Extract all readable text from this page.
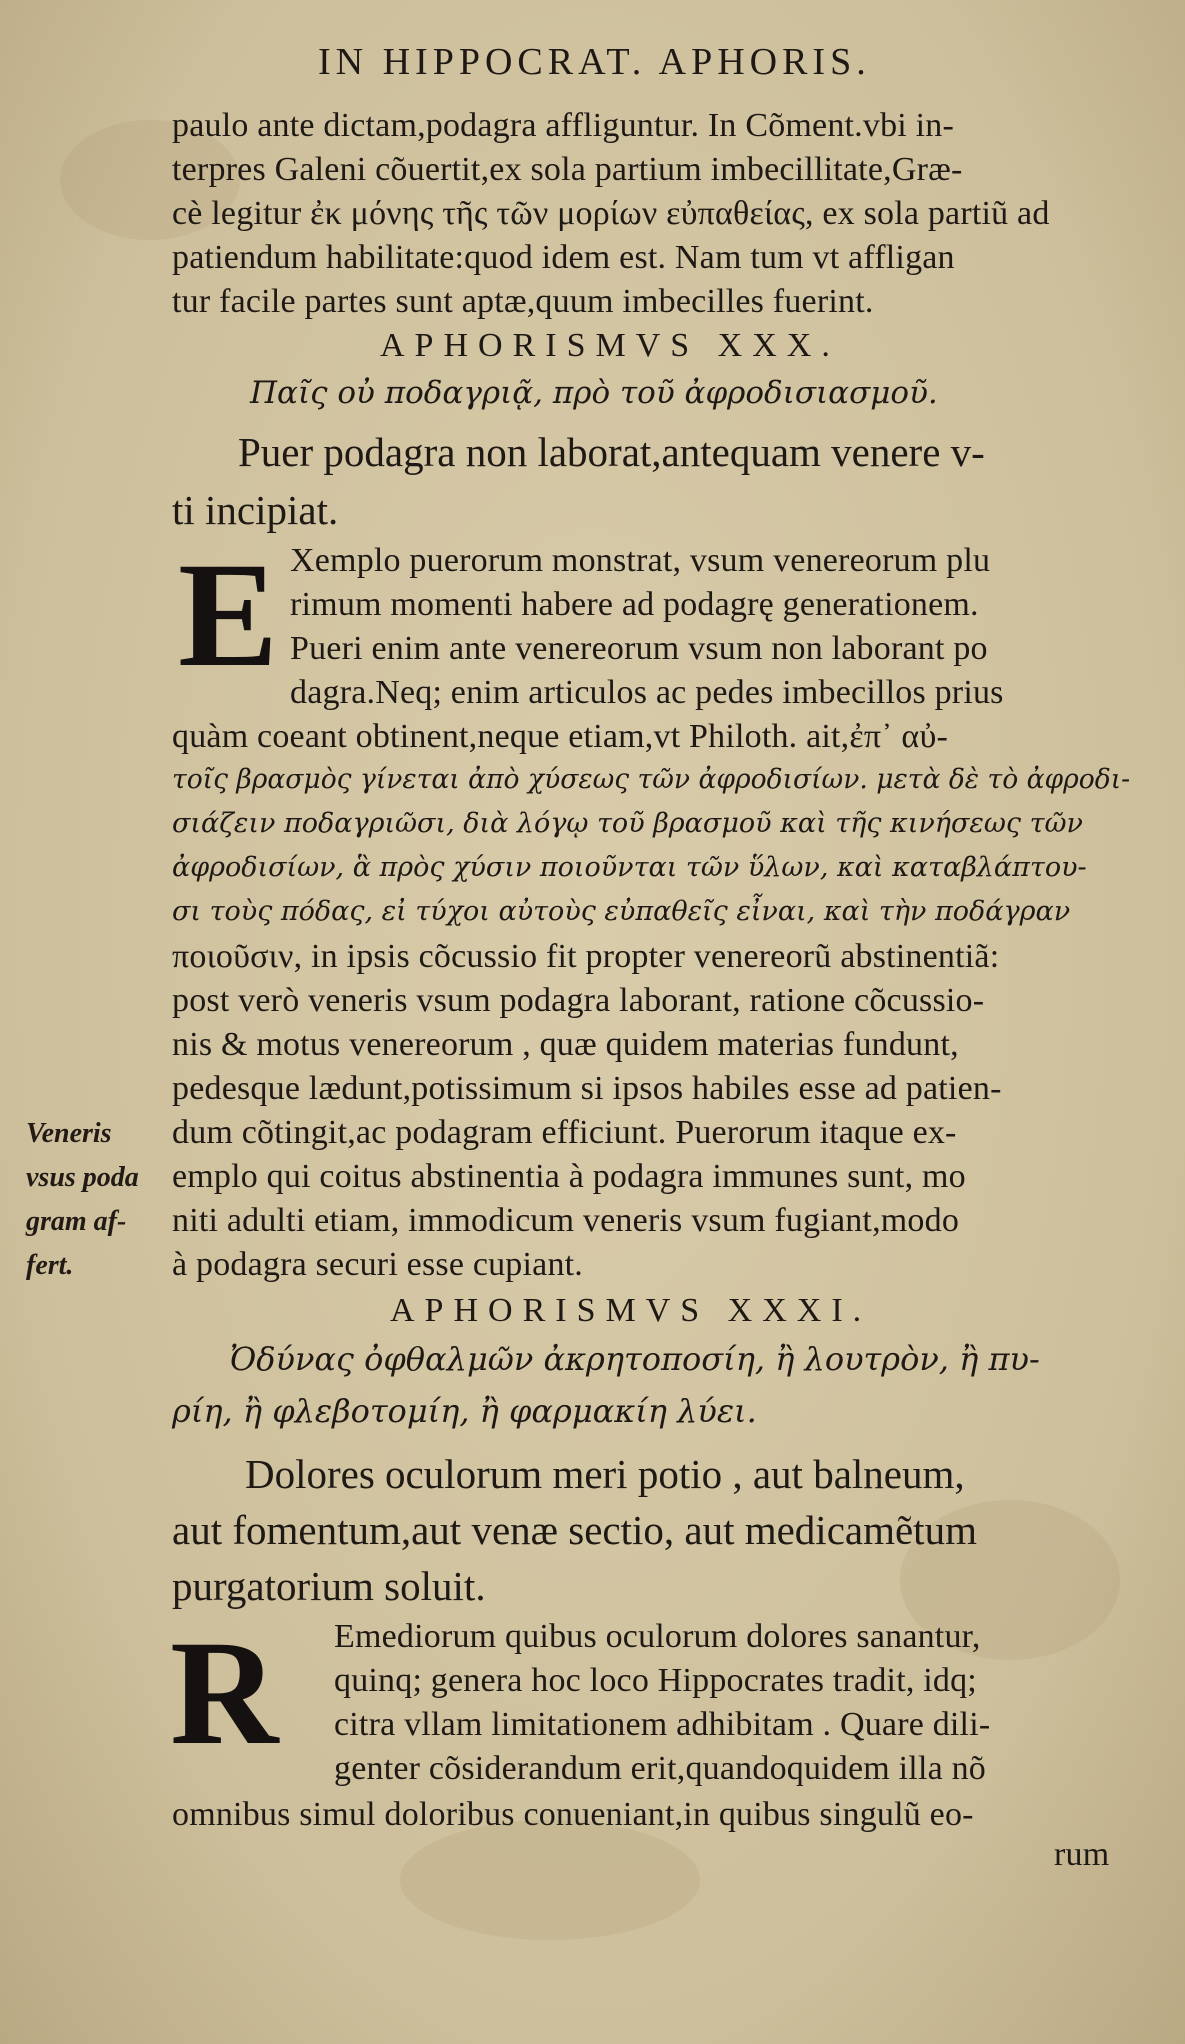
IN HIPPOCRAT. APHORIS.
paulo ante dictam,podagra affliguntur. In Cõment.vbi in-
terpres Galeni cõuertit,ex sola partium imbecillitate,Græ-
cè legitur ἐκ μόνης τῆς τῶν μορίων εὐπαθείας, ex sola partiũ ad
patiendum habilitate:quod idem est. Nam tum vt affligan
tur facile partes sunt aptæ,quum imbecilles fuerint.
APHORISMVS XXX.
Παῖς οὐ ποδαγριᾷ, πρὸ τοῦ ἀφροδισιασμοῦ.
Puer podagra non laborat,antequam venere v-
ti incipiat.
E Xemplo puerorum monstrat, vsum venereorum plu
rimum momenti habere ad podagrę generationem.
Pueri enim ante venereorum vsum non laborant po
dagra.Neq; enim articulos ac pedes imbecillos prius
quàm coeant obtinent,neque etiam,vt Philoth. ait,ἐπ᾽ αὐ-
τοῖς βρασμὸς γίνεται ἀπὸ χύσεως τῶν ἀφροδισίων. μετὰ δὲ τὸ ἀφροδι-
σιάζειν ποδαγριῶσι, διὰ λόγῳ τοῦ βρασμοῦ καὶ τῆς κινήσεως τῶν
ἀφροδισίων, ἃ πρὸς χύσιν ποιοῦνται τῶν ὕλων, καὶ καταβλάπτου-
σι τοὺς πόδας, εἰ τύχοι αὐτοὺς εὐπαθεῖς εἶναι, καὶ τὴν ποδάγραν
ποιοῦσιν, in ipsis cõcussio fit propter venereorũ abstinentiã:
post verò veneris vsum podagra laborant, ratione cõcussio-
nis & motus venereorum , quæ quidem materias fundunt,
pedesque lædunt,potissimum si ipsos habiles esse ad patien-
dum cõtingit,ac podagram efficiunt. Puerorum itaque ex-
emplo qui coitus abstinentia à podagra immunes sunt, mo
niti adulti etiam, immodicum veneris vsum fugiant,modo
à podagra securi esse cupiant.
Veneris
vsus poda
gram af-
fert.
APHORISMVS XXXI.
Ὀδύνας ὀφθαλμῶν ἀκρητοποσίη, ἢ λουτρὸν, ἢ πυ-
ρίη, ἢ φλεβοτομίη, ἢ φαρμακίη λύει.
Dolores oculorum meri potio , aut balneum,
aut fomentum,aut venæ sectio, aut medicamẽtum
purgatorium soluit.
R Emediorum quibus oculorum dolores sanantur,
quinq; genera hoc loco Hippocrates tradit, idq;
citra vllam limitationem adhibitam . Quare dili-
genter cõsiderandum erit,quandoquidem illa nõ
omnibus simul doloribus conueniant,in quibus singulũ eo-
rum
